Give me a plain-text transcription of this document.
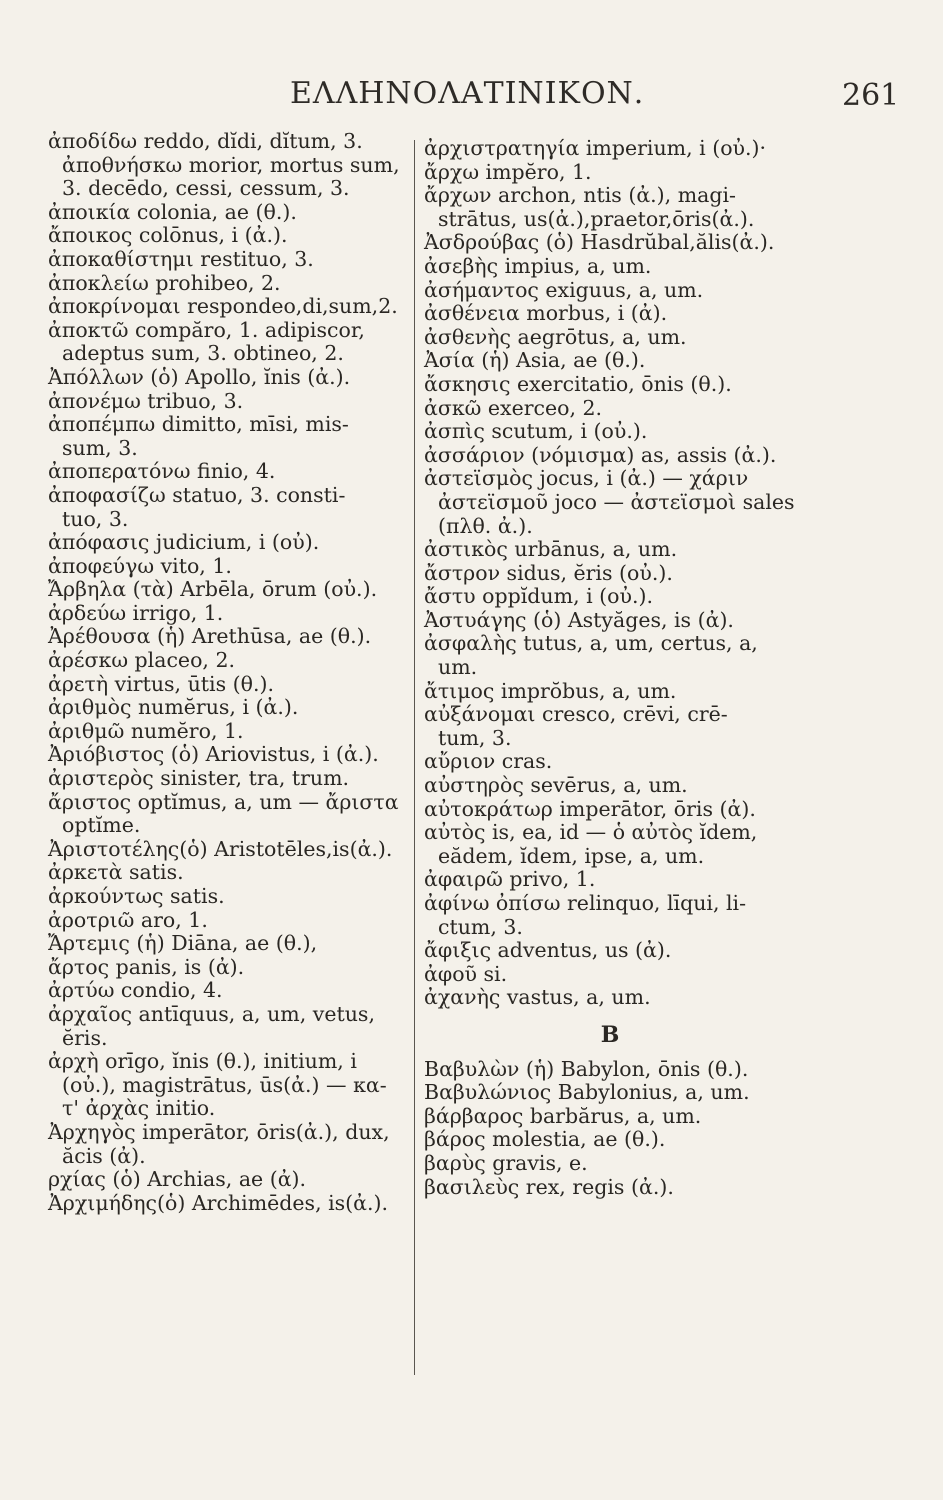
ΕΛΛΗΝΟΛΑΤΙΝΙΚΟΝ.	261

ἀποδίδω reddo, dĭdi, dĭtum, 3.

ἀποθνήσκω morior, mortus sum,

3. decēdo, cessi, cessum, 3.

ἀποικία colonia, ae (θ.).

ἄποικος colōnus, i (ἀ.).

ἀποκαθίστημι restituo, 3.

ἀποκλείω prohibeo, 2.

ἀποκρίνομαι respondeo,di,sum,2.

ἀποκτῶ compăro, 1. adipiscor,

adeptus sum, 3. obtineo, 2.

Ἀπόλλων (ὁ) Apollo, ĭnis (ἀ.).

ἀπονέμω tribuo, 3.

ἀποπέμπω dimitto, mīsi, mis-

sum, 3.

ἀποπερατόνω finio, 4.

ἀποφασίζω statuo, 3. consti-

tuo, 3.

ἀπόφασις judicium, i (οὐ).

ἀποφεύγω vito, 1.

Ἄρβηλα (τὰ) Arbēla, ōrum (οὐ.).

ἀρδεύω irrigo, 1.

Ἀρέθουσα (ἡ) Arethūsa, ae (θ.).

ἀρέσκω placeo, 2.

ἀρετὴ virtus, ūtis (θ.).

ἀριθμὸς numĕrus, i (ἀ.).

ἀριθμῶ numĕro, 1.

Ἀριόβιστος (ὁ) Ariovistus, i (ἀ.).

ἀριστερὸς sinister, tra, trum.

ἄριστος optĭmus, a, um — ἄριστα

optĭme.

Ἀριστοτέλης(ὁ) Aristotēles,is(ἀ.).

ἀρκετὰ satis.

ἀρκούντως satis.

ἀροτριῶ aro, 1.

Ἄρτεμις (ἡ) Diāna, ae (θ.),

ἄρτος panis, is (ἀ).

ἀρτύω condio, 4.

ἀρχαῖος antīquus, a, um, vetus,

ĕris.

ἀρχὴ orīgo, ĭnis (θ.), initium, i

(οὐ.), magistrātus, ūs(ἀ.) — κα-

τ' ἀρχὰς initio.

Ἀρχηγὸς imperātor, ōris(ἀ.), dux,

ăcis (ἀ).

ρχίας (ὁ) Archias, ae (ἀ).

Ἀρχιμήδης(ὁ) Archimēdes, is(ἀ.).

ἀρχιστρατηγία imperium, i (οὐ.)·

ἄρχω impĕro, 1.

ἄρχων archon, ntis (ἀ.), magi-

strātus, us(ἀ.),praetor,ōris(ἀ.).

Ἀσδρούβας (ὁ) Hasdrŭbal,ălis(ἀ.).

ἀσεβὴς impius, a, um.

ἀσήμαντος exiguus, a, um.

ἀσθένεια morbus, i (ἀ).

ἀσθενὴς aegrōtus, a, um.

Ἀσία (ἡ) Asia, ae (θ.).

ἄσκησις exercitatio, ōnis (θ.).

ἀσκῶ exerceo, 2.

ἀσπὶς scutum, i (οὐ.).

ἀσσάριον (νόμισμα) as, assis (ἀ.).

ἀστεϊσμὸς jocus, i (ἀ.) — χάριν

ἀστεϊσμοῦ joco — ἀστεϊσμοὶ sales

(πλθ. ἀ.).

ἀστικὸς urbānus, a, um.

ἄστρον sidus, ĕris (οὐ.).

ἄστυ oppĭdum, i (οὐ.).

Ἀστυάγης (ὁ) Astyăges, is (ἀ).

ἀσφαλὴς tutus, a, um, certus, a,

um.

ἄτιμος imprŏbus, a, um.

αὐξάνομαι cresco, crēvi, crē-

tum, 3.

αὔριον cras.

αὐστηρὸς sevērus, a, um.

αὐτοκράτωρ imperātor, ōris (ἀ).

αὐτὸς is, ea, id — ὁ αὐτὸς ĭdem,

eădem, ĭdem, ipse, a, um.

ἀφαιρῶ privo, 1.

ἀφίνω ὀπίσω relinquo, līqui, li-

ctum, 3.

ἄφιξις adventus, us (ἀ).

ἀφοῦ si.

ἀχανὴς vastus, a, um.

B

Βαβυλὼν (ἡ) Babylon, ōnis (θ.).

Βαβυλώνιος Babylonius, a, um.

βάρβαρος barbărus, a, um.

βάρος molestia, ae (θ.).

βαρὺς gravis, e.

βασιλεὺς rex, regis (ἀ.).
